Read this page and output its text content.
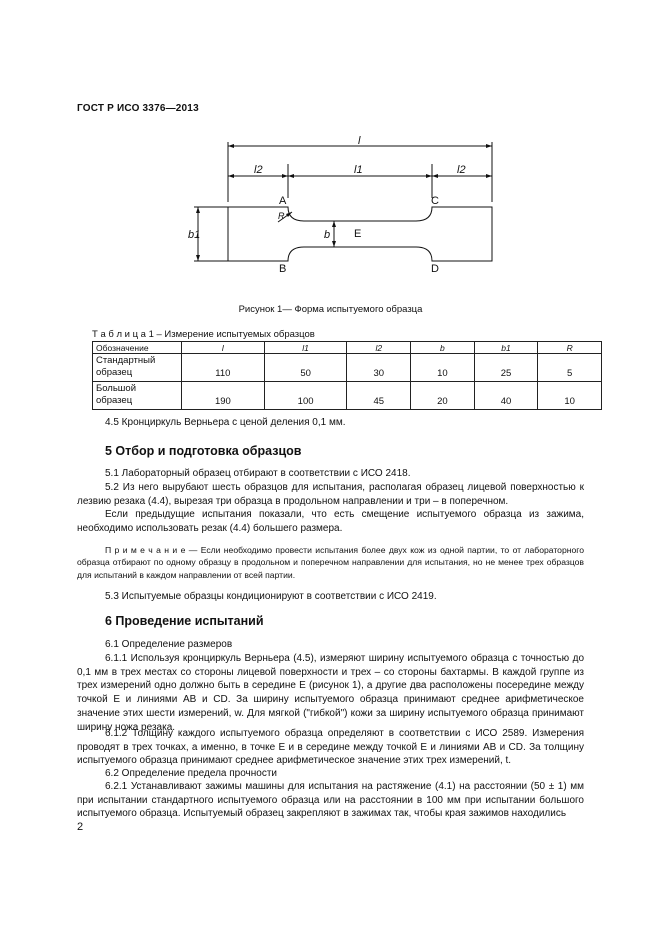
ГОСТ Р ИСО 3376—2013
l
l2	l1	l2
b1	b
R
A
B
C
D
E
Рисунок 1— Форма испытуемого образца
Т а б л и ц а 1 – Измерение испытуемых образцов
Обозначение	l	l1	l2	b	b1	R
Стандартный
образец	110	50	30	10	25	5
Большой
образец	190	100	45	20	40	10

4.5 Кронциркуль Верньера с ценой деления 0,1 мм.

5 Отбор и подготовка образцов

5.1 Лабораторный образец отбирают в соответствии с ИСО 2418.

5.2 Из него вырубают шесть образцов для испытания, располагая образец лицевой поверхностью к лезвию резака (4.4), вырезая три образца в продольном направлении и три – в поперечном.

Если предыдущие испытания показали, что есть смещение испытуемого образца из зажима, необходимо использовать резак (4.4) большего размера.

П р и м е ч а н и е — Если необходимо провести испытания более двух кож из одной партии, то от лабораторного образца отбирают по одному образцу в продольном и поперечном направлении для испытания, но не менее трех образцов для испытаний в каждом направлении от всей партии.

5.3 Испытуемые образцы кондиционируют в соответствии с ИСО 2419.

6 Проведение испытаний

6.1 Определение размеров

6.1.1 Используя кронциркуль Верньера (4.5), измеряют ширину испытуемого образца с точностью до 0,1 мм в трех местах со стороны лицевой поверхности и трех – со стороны бахтармы. В каждой группе из трех измерений одно должно быть в середине E (рисунок 1), а другие два расположены посередине между точкой E и линиями AB и CD. За ширину испытуемого образца принимают среднее арифметическое значение этих шести измерений, w. Для мягкой ("гибкой") кожи за ширину испытуемого образца принимают ширину ножа резака.

6.1.2 Толщину каждого испытуемого образца определяют в соответствии с ИСО 2589. Измерения проводят в трех точках, а именно, в точке E и в середине между точкой E и линиями AB и CD. За толщину испытуемого образца принимают среднее арифметическое значение этих трех измерений, t.

6.2 Определение предела прочности

6.2.1 Устанавливают зажимы машины для испытания на растяжение (4.1) на расстоянии (50 ± 1) мм при испытании стандартного испытуемого образца или на расстоянии в 100 мм при испытании большого испытуемого образца. Испытуемый образец закрепляют в зажимах так, чтобы края зажимов находились

2
